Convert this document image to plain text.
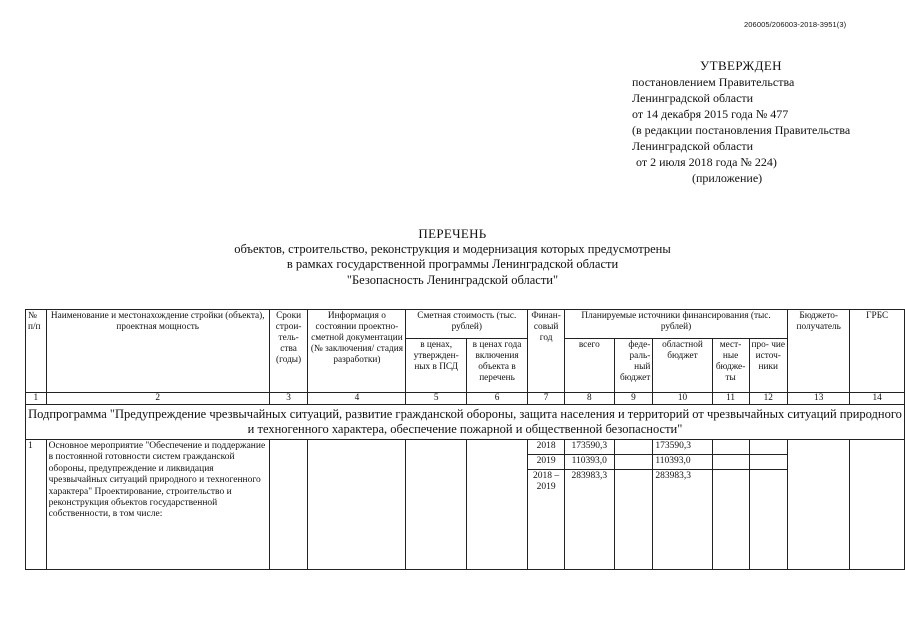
206005/206003-2018-3951(3)
УТВЕРЖДЕН
постановлением Правительства
Ленинградской области
от 14 декабря 2015 года № 477
(в редакции постановления Правительства
Ленинградской области
от 2 июля 2018 года № 224)
(приложение)
ПЕРЕЧЕНЬ
объектов, строительство, реконструкция и модернизация которых предусмотрены
в рамках государственной программы Ленинградской области
"Безопасность Ленинградской области"
№ п/п	Наименование и местонахождение стройки (объекта), проектная мощность	Сроки строи- тель- ства (годы)	Информация о состоянии проектно-сметной документации (№ заключения/ стадия разработки)	Сметная стоимость (тыс. рублей)		Финан- совый год	Планируемые источники финансирования (тыс. рублей)					Бюджето- получатель	ГРБС
				в ценах, утвержден- ных в ПСД	в ценах года включения объекта в перечень		всего	феде- раль- ный бюджет	областной бюджет	мест- ные бюдже- ты	про- чие источ- ники		
1	2	3	4	5	6	7	8	9	10	11	12	13	14
Подпрограмма "Предупреждение чрезвычайных ситуаций, развитие гражданской обороны, защита населения и территорий от чрезвычайных ситуаций природного и техногенного характера, обеспечение пожарной и общественной безопасности"													
1	Основное мероприятие "Обеспечение и поддержание в постоянной готовности систем гражданской обороны, предупреждение и ликвидация чрезвычайных ситуаций природного и техногенного характера" Проектирование, строительство и реконструкция объектов государственной собственности, в том числе:					2018	173590,3		173590,3				
						2019	110393,0		110393,0				
						2018 – 2019	283983,3		283983,3				
